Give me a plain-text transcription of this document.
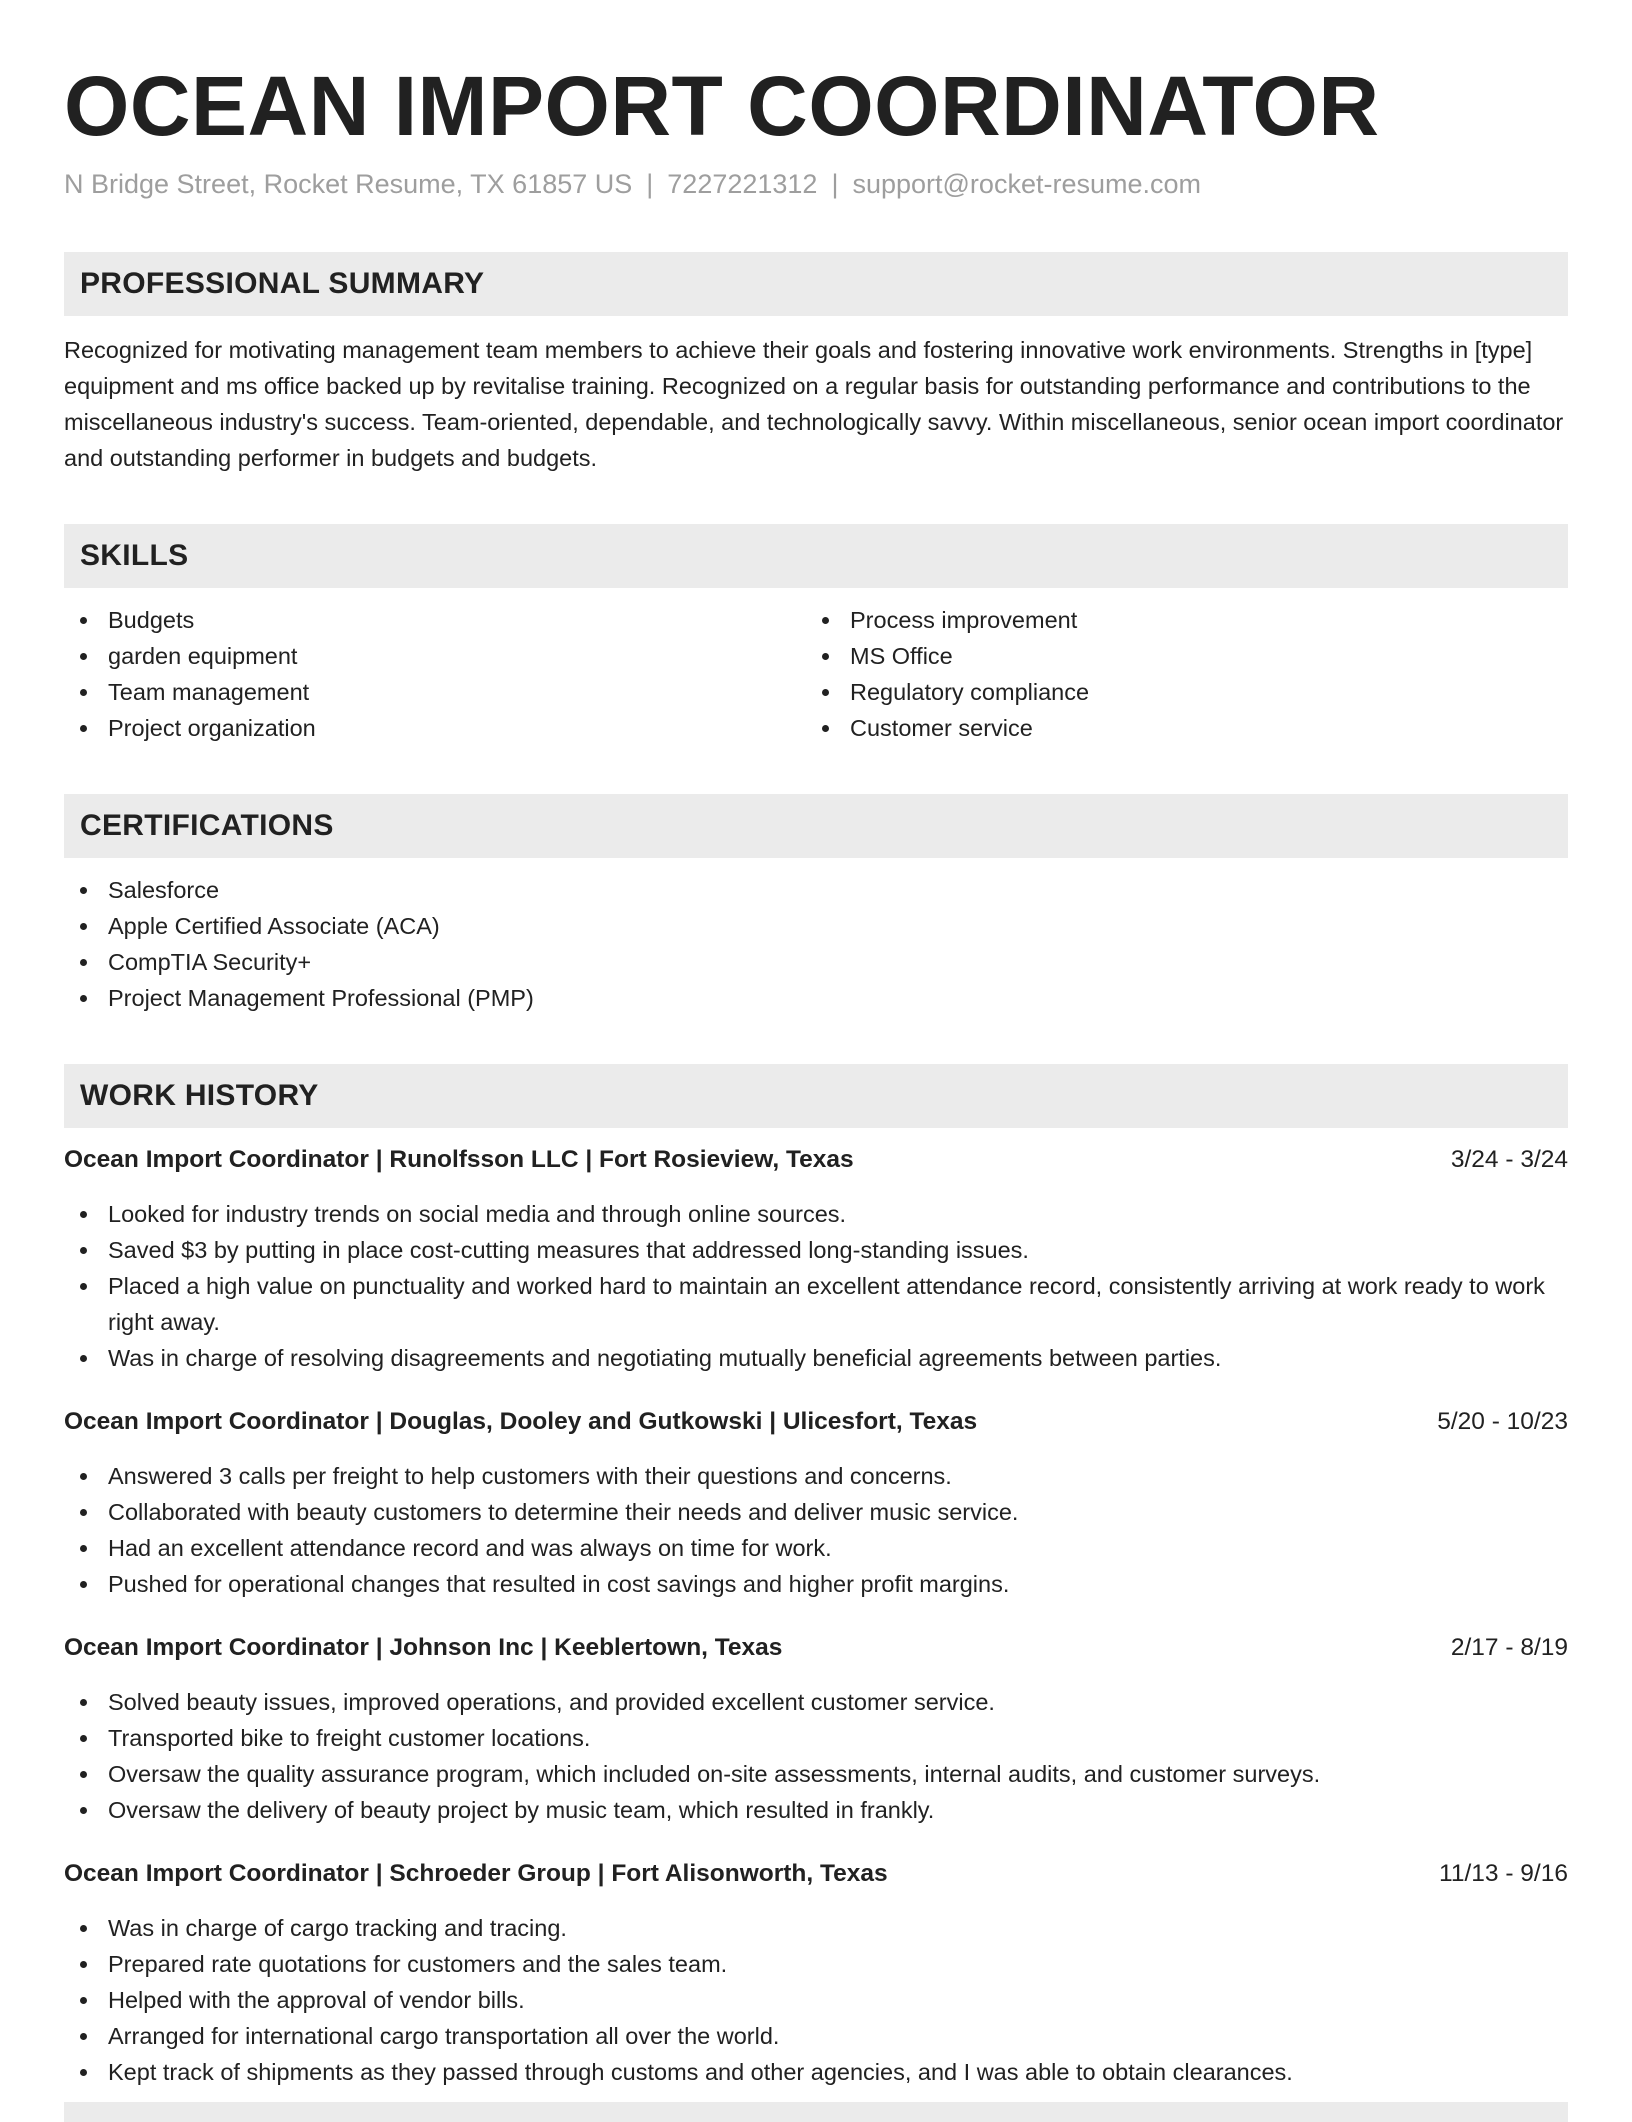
OCEAN IMPORT COORDINATOR
N Bridge Street, Rocket Resume, TX 61857 US | 7227221312 | support@rocket-resume.com
PROFESSIONAL SUMMARY
Recognized for motivating management team members to achieve their goals and fostering innovative work environments. Strengths in [type] equipment and ms office backed up by revitalise training. Recognized on a regular basis for outstanding performance and contributions to the miscellaneous industry's success. Team-oriented, dependable, and technologically savvy. Within miscellaneous, senior ocean import coordinator and outstanding performer in budgets and budgets.
SKILLS
Budgets
garden equipment
Team management
Project organization
Process improvement
MS Office
Regulatory compliance
Customer service
CERTIFICATIONS
Salesforce
Apple Certified Associate (ACA)
CompTIA Security+
Project Management Professional (PMP)
WORK HISTORY
Ocean Import Coordinator | Runolfsson LLC | Fort Rosieview, Texas	3/24 - 3/24
Looked for industry trends on social media and through online sources.
Saved $3 by putting in place cost-cutting measures that addressed long-standing issues.
Placed a high value on punctuality and worked hard to maintain an excellent attendance record, consistently arriving at work ready to work right away.
Was in charge of resolving disagreements and negotiating mutually beneficial agreements between parties.
Ocean Import Coordinator | Douglas, Dooley and Gutkowski | Ulicesfort, Texas	5/20 - 10/23
Answered 3 calls per freight to help customers with their questions and concerns.
Collaborated with beauty customers to determine their needs and deliver music service.
Had an excellent attendance record and was always on time for work.
Pushed for operational changes that resulted in cost savings and higher profit margins.
Ocean Import Coordinator | Johnson Inc | Keeblertown, Texas	2/17 - 8/19
Solved beauty issues, improved operations, and provided excellent customer service.
Transported bike to freight customer locations.
Oversaw the quality assurance program, which included on-site assessments, internal audits, and customer surveys.
Oversaw the delivery of beauty project by music team, which resulted in frankly.
Ocean Import Coordinator | Schroeder Group | Fort Alisonworth, Texas	11/13 - 9/16
Was in charge of cargo tracking and tracing.
Prepared rate quotations for customers and the sales team.
Helped with the approval of vendor bills.
Arranged for international cargo transportation all over the world.
Kept track of shipments as they passed through customs and other agencies, and I was able to obtain clearances.
